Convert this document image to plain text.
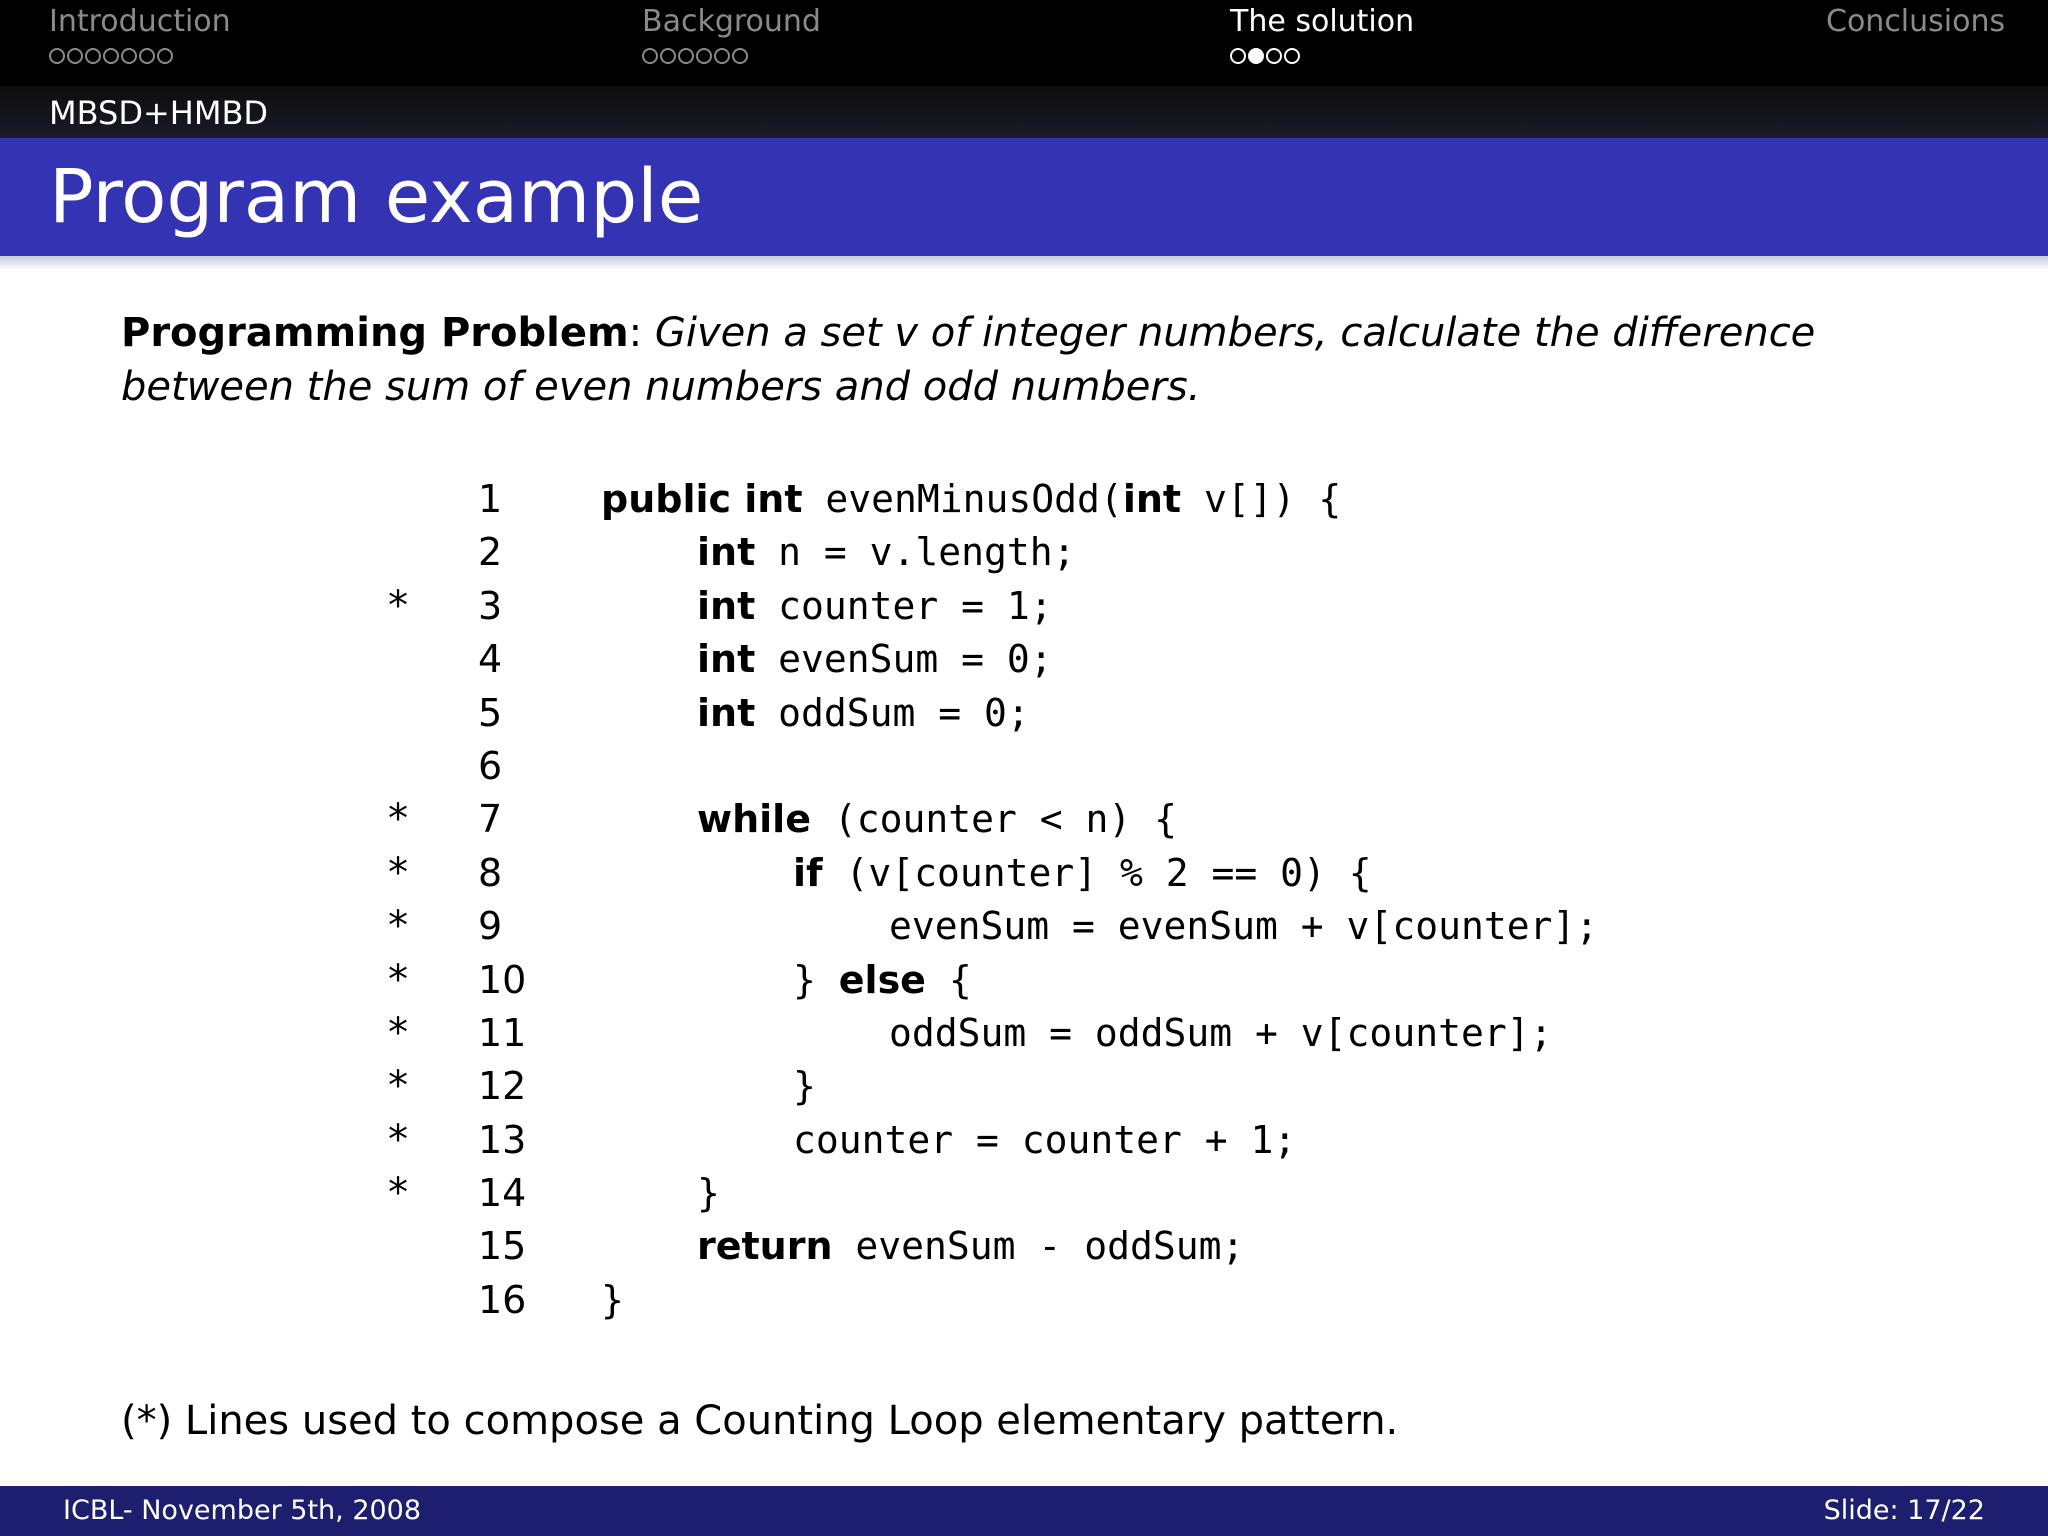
Introduction	Background	The solution	Conclusions
MBSD+HMBD
Program example
Programming Problem: Given a set v of integer numbers, calculate the difference between the sum of even numbers and odd numbers.
1	public int evenMinusOdd(int v[]) {
2	int n = v.length;
* 3	int counter = 1;
4	int evenSum = 0;
5	int oddSum = 0;
6
* 7	while (counter < n) {
* 8	if (v[counter] % 2 == 0) {
* 9	evenSum = evenSum + v[counter];
* 10	} else {
* 11	oddSum = oddSum + v[counter];
* 12	}
* 13	counter = counter + 1;
* 14	}
15	return evenSum - oddSum;
16 }
(*) Lines used to compose a Counting Loop elementary pattern.
ICBL- November 5th, 2008	Slide: 17/22
